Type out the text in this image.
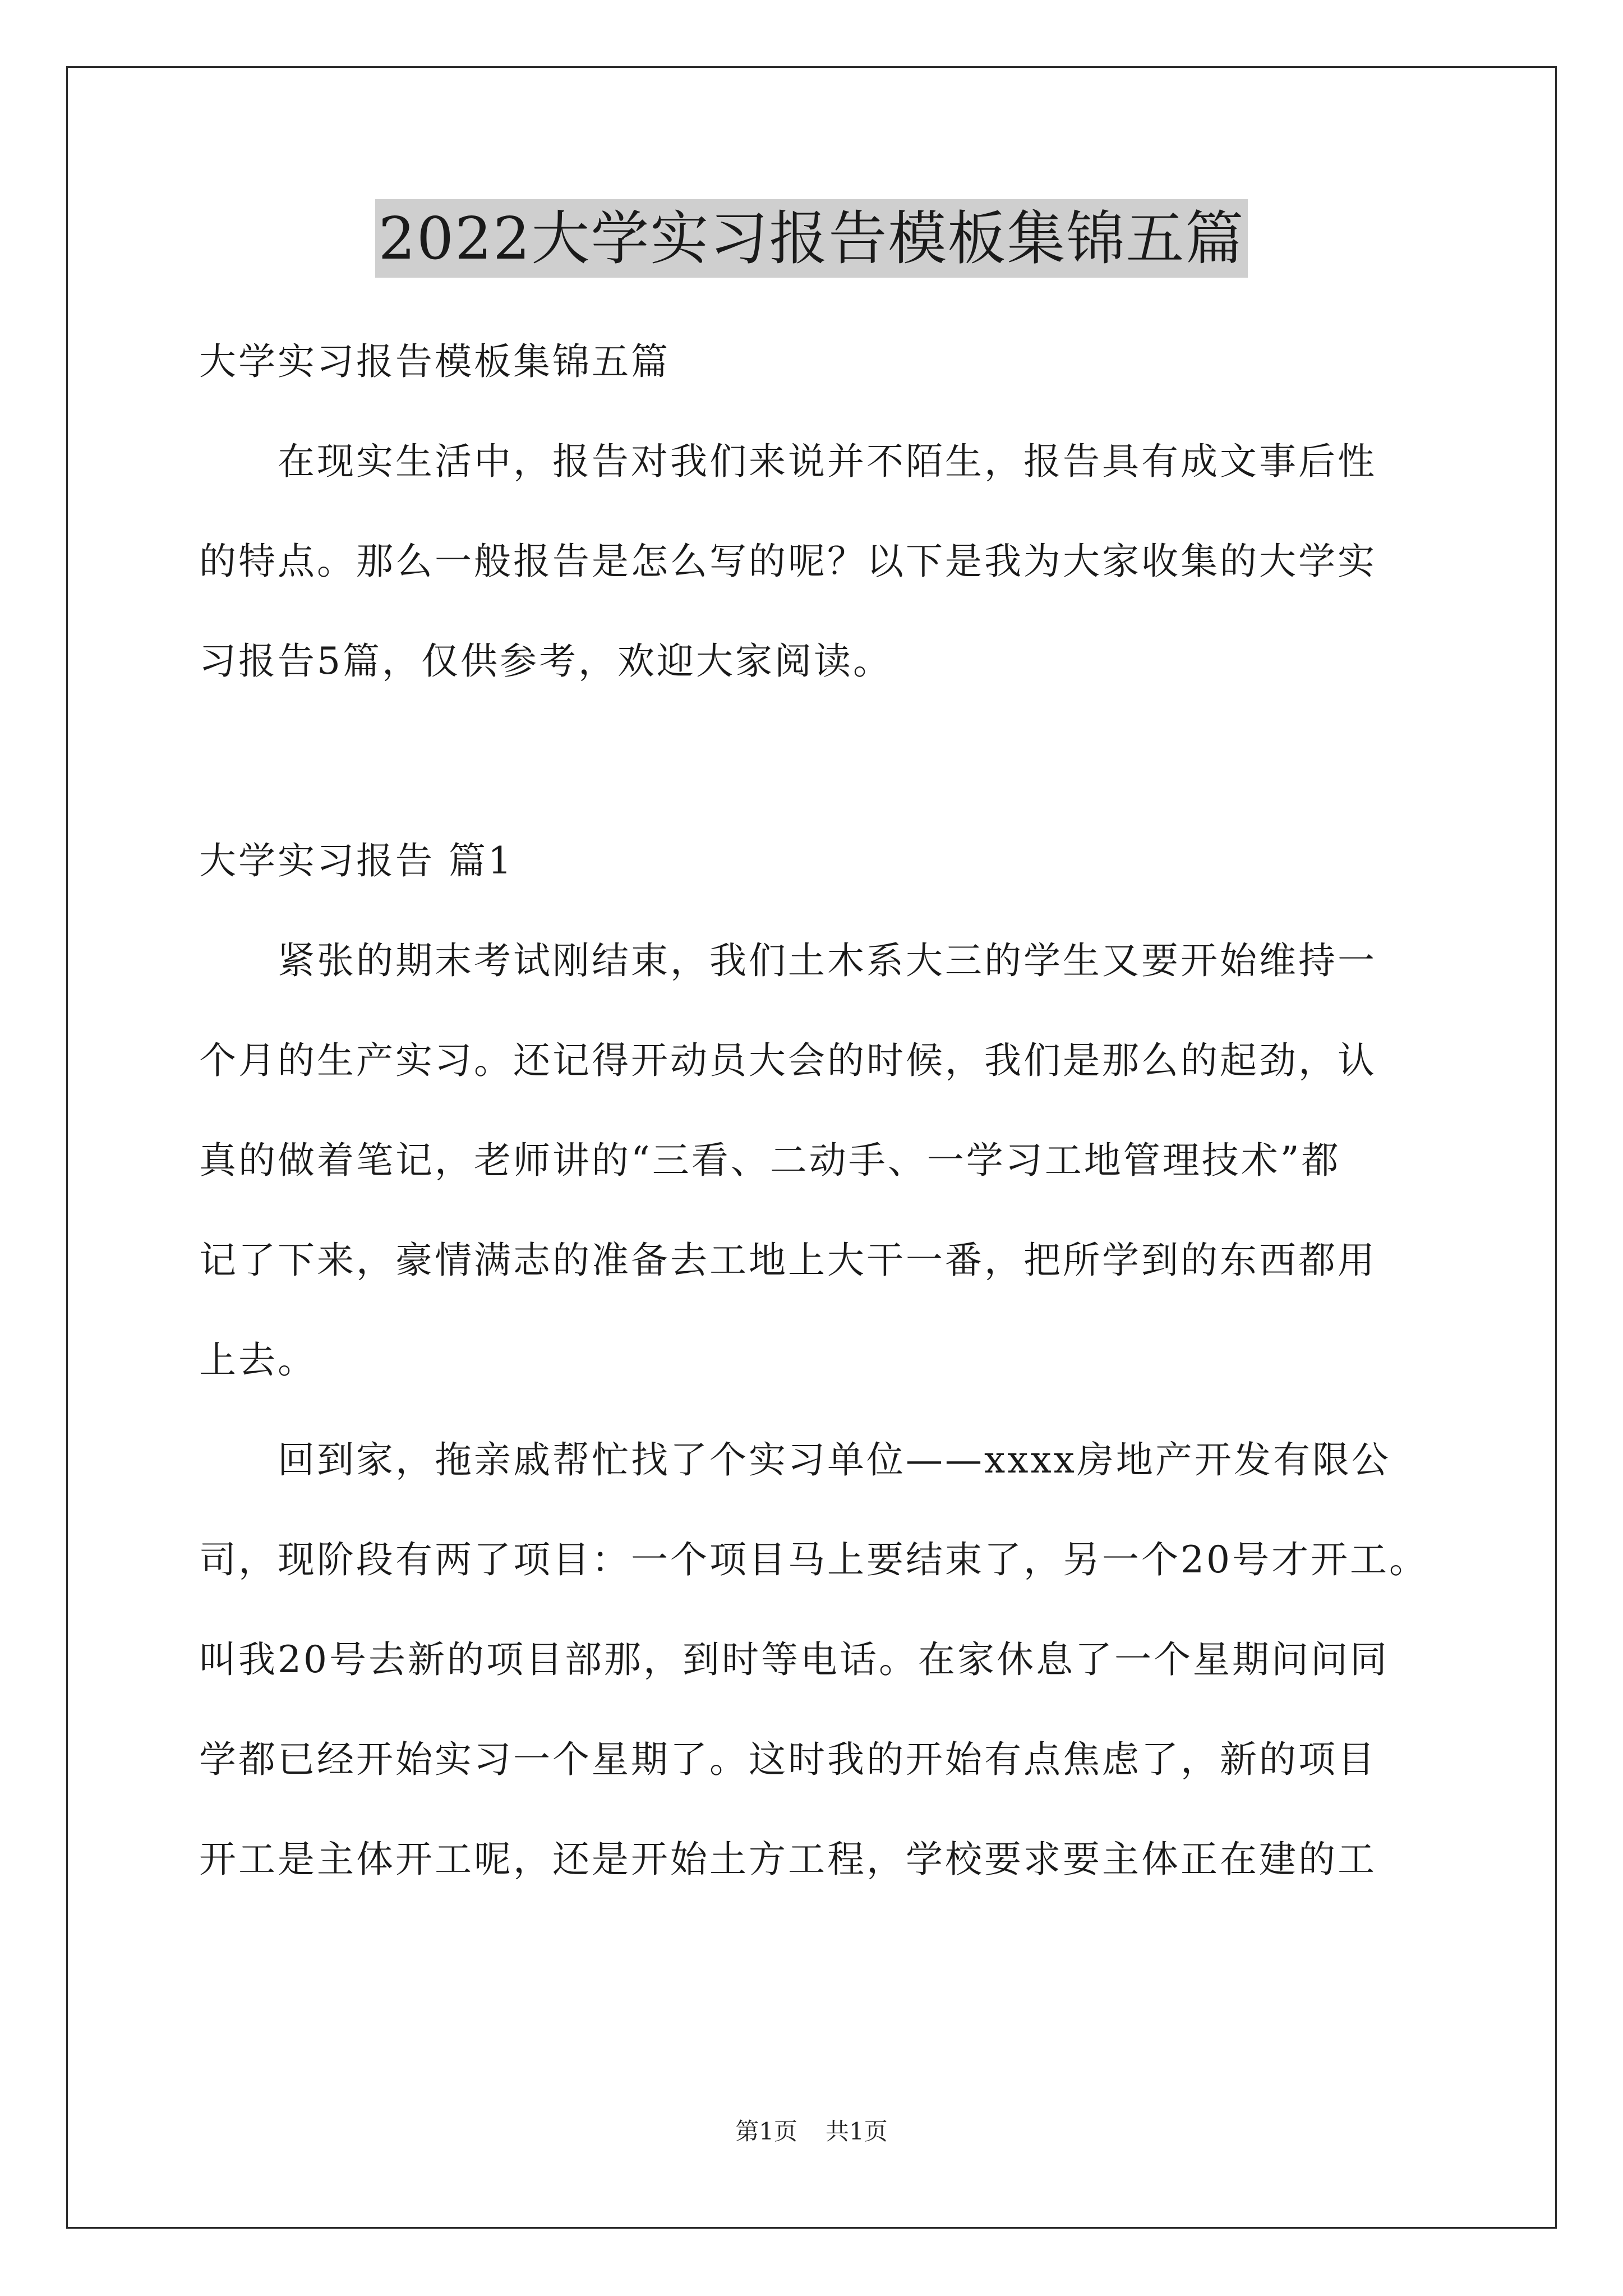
2022大学实习报告模板集锦五篇
大学实习报告模板集锦五篇
　　在现实生活中，报告对我们来说并不陌生，报告具有成文事后性
的特点。那么一般报告是怎么写的呢？以下是我为大家收集的大学实
习报告5篇，仅供参考，欢迎大家阅读。
大学实习报告 篇1
　　紧张的期末考试刚结束，我们土木系大三的学生又要开始维持一
个月的生产实习。还记得开动员大会的时候，我们是那么的起劲，认
真的做着笔记，老师讲的“三看、二动手、一学习工地管理技术”都
记了下来，豪情满志的准备去工地上大干一番，把所学到的东西都用
上去。
　　回到家，拖亲戚帮忙找了个实习单位——xxxx房地产开发有限公
司，现阶段有两了项目：一个项目马上要结束了，另一个20号才开工。
叫我20号去新的项目部那，到时等电话。在家休息了一个星期问问同
学都已经开始实习一个星期了。这时我的开始有点焦虑了，新的项目
开工是主体开工呢，还是开始土方工程，学校要求要主体正在建的工
第1页 共1页
